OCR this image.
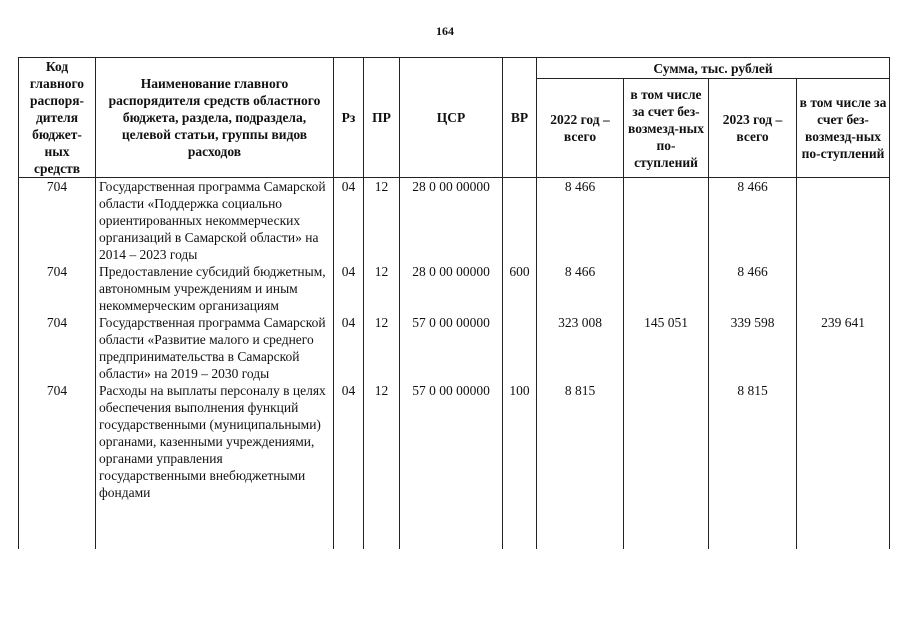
164
Код главного распоря-дителя бюджет-ных средств	Наименование главного распорядителя средств областного бюджета, раздела, подраздела, целевой статьи, группы видов расходов	Рз	ПР	ЦСР	ВР	Сумма, тыс. рублей			
						2022 год – всего	в том числе за счет без-возмезд-ных по-ступлений	2023 год – всего	в том числе за счет без-возмезд-ных по-ступлений
704	Государственная программа Самарской области «Поддержка социально ориентированных некоммерческих организаций в Самарской области» на 2014 – 2023 годы	04	12	28 0 00 00000		8 466		8 466	
704	Предоставление субсидий бюджетным, автономным учреждениям и иным некоммерческим организациям	04	12	28 0 00 00000	600	8 466		8 466	
704	Государственная программа Самарской области «Развитие малого и среднего предпринимательства в Самарской области» на 2019 – 2030 годы	04	12	57 0 00 00000		323 008	145 051	339 598	239 641
704	Расходы на выплаты персоналу в целях обеспечения выполнения функций государственными (муниципальными) органами, казенными учреждениями, органами управления государственными внебюджетными фондами	04	12	57 0 00 00000	100	8 815		8 815	
